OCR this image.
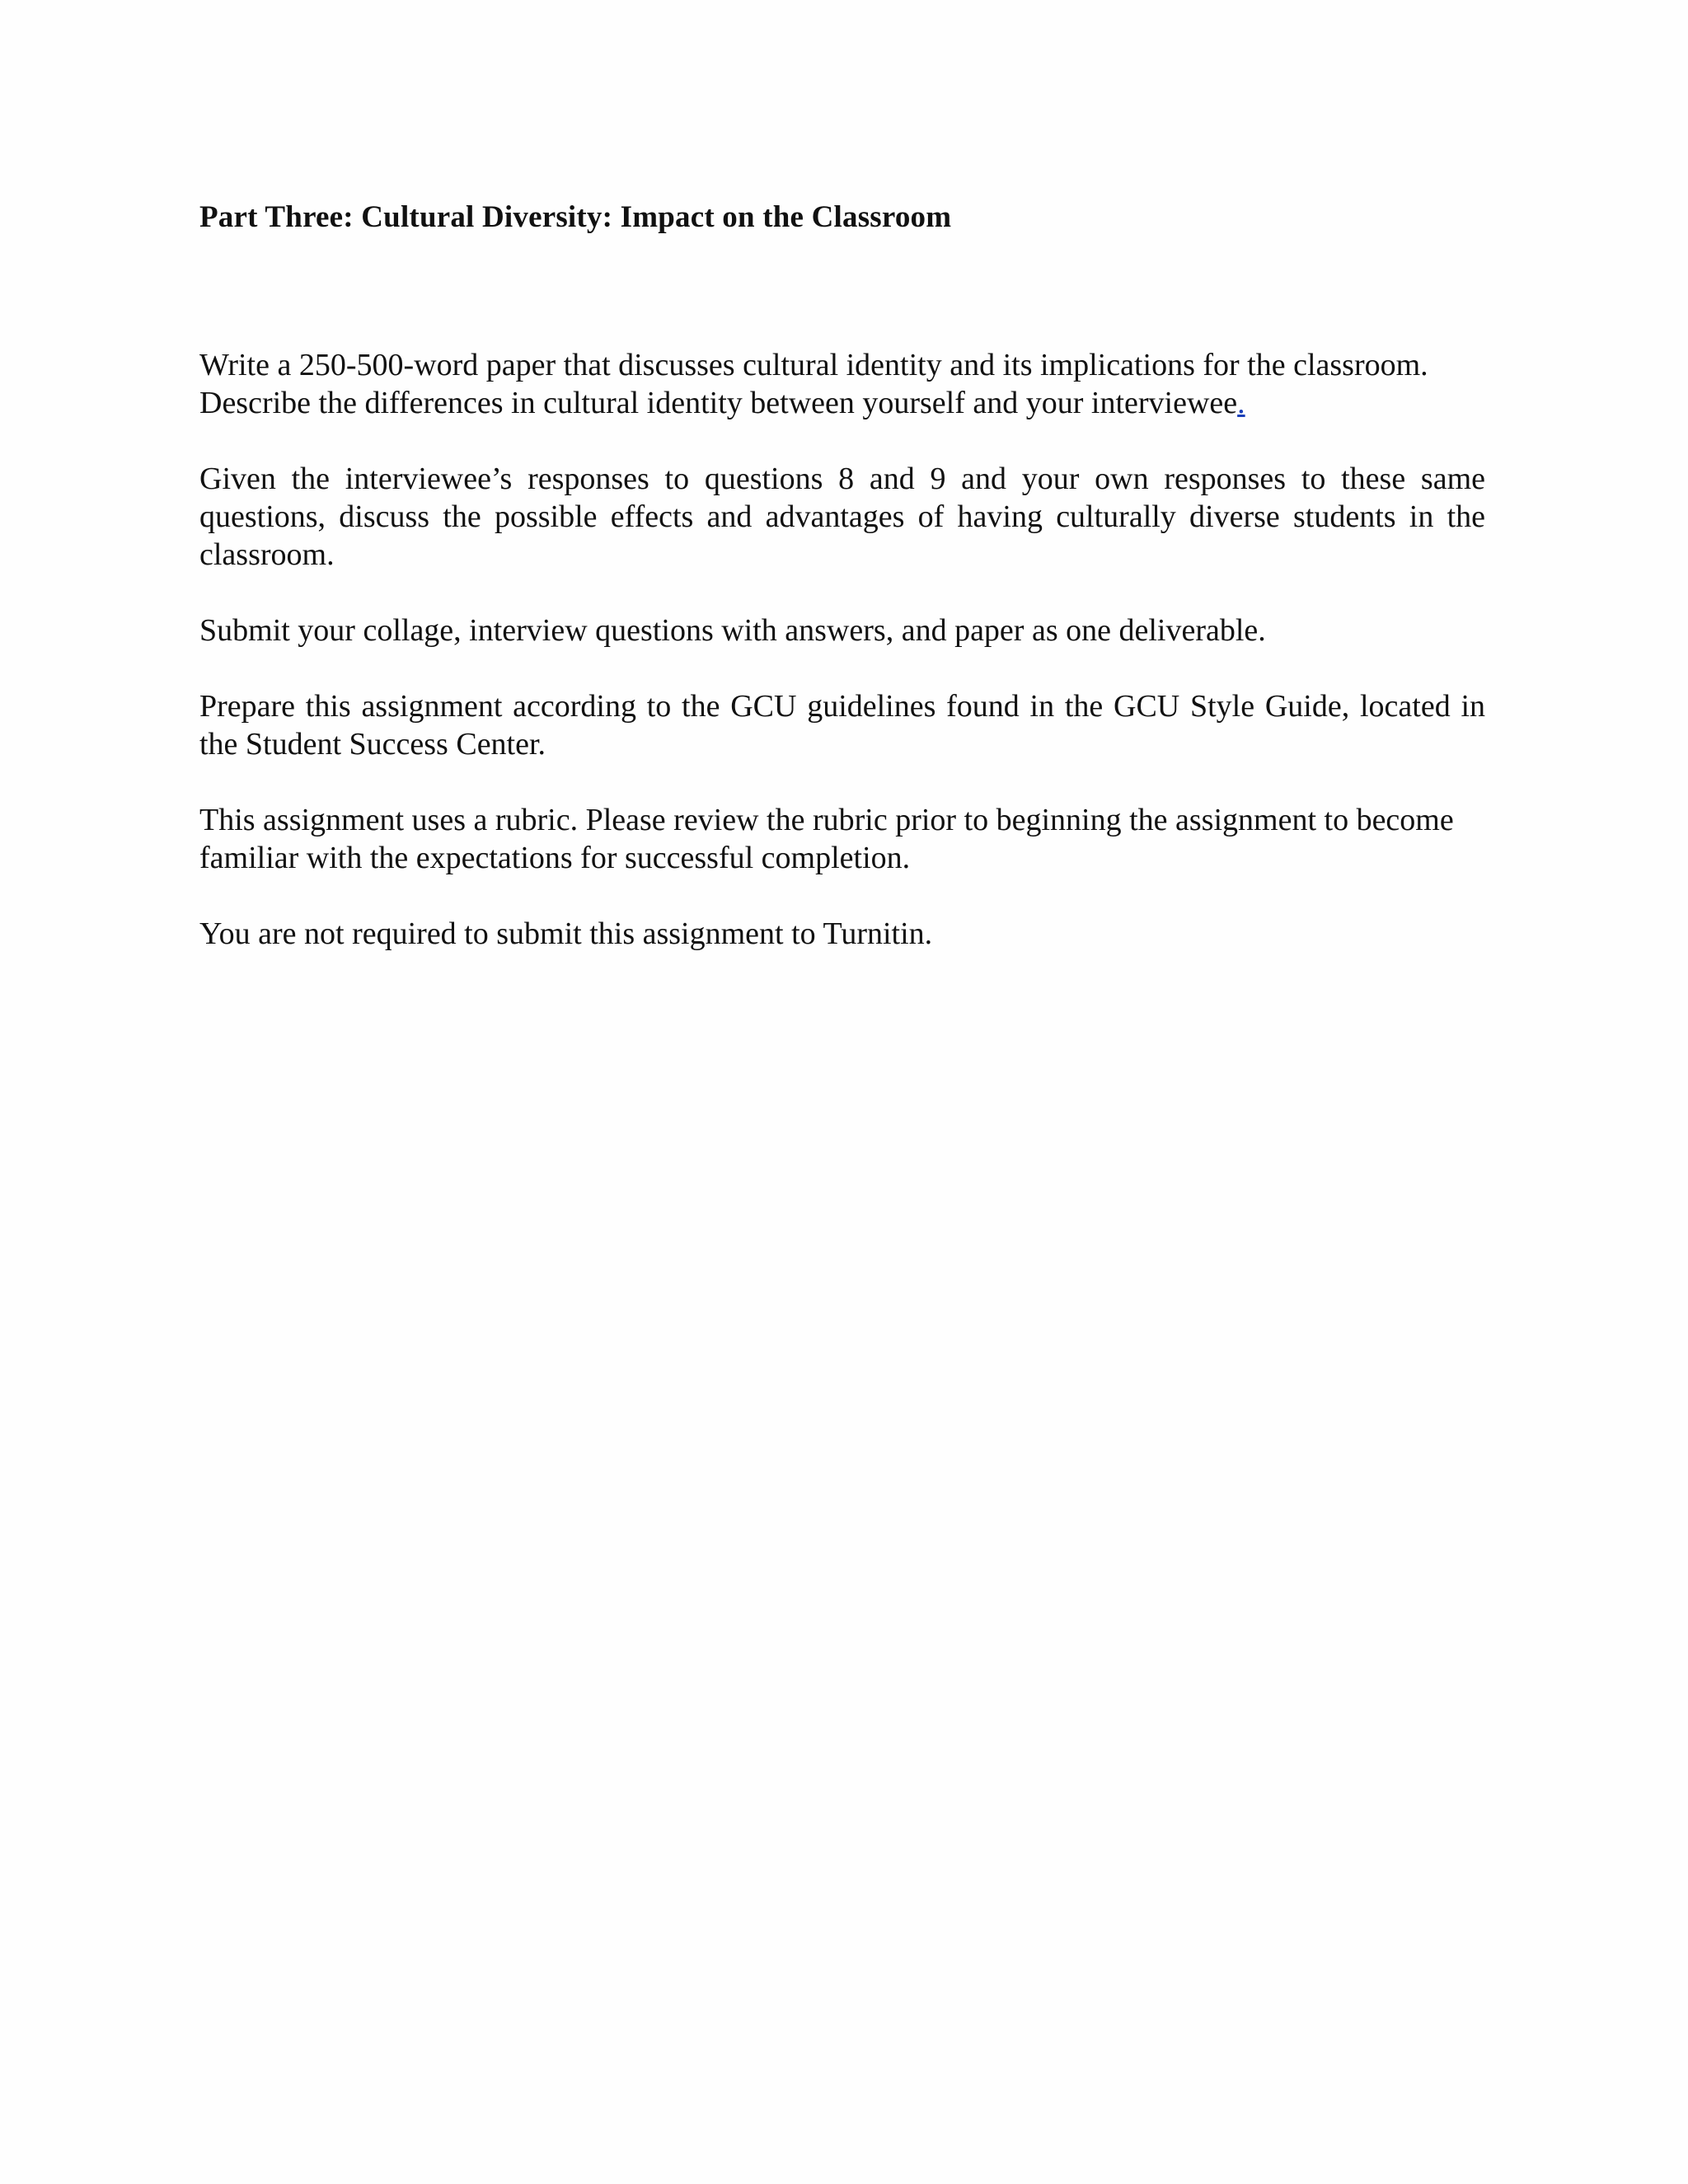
Part Three: Cultural Diversity: Impact on the Classroom

Write a 250-500-word paper that discusses cultural identity and its implications for the classroom. Describe the differences in cultural identity between yourself and your interviewee.

Given the interviewee’s responses to questions 8 and 9 and your own responses to these same questions, discuss the possible effects and advantages of having culturally diverse students in the classroom.

Submit your collage, interview questions with answers, and paper as one deliverable.

Prepare this assignment according to the GCU guidelines found in the GCU Style Guide, located in the Student Success Center.

This assignment uses a rubric. Please review the rubric prior to beginning the assignment to become familiar with the expectations for successful completion.

You are not required to submit this assignment to Turnitin.
